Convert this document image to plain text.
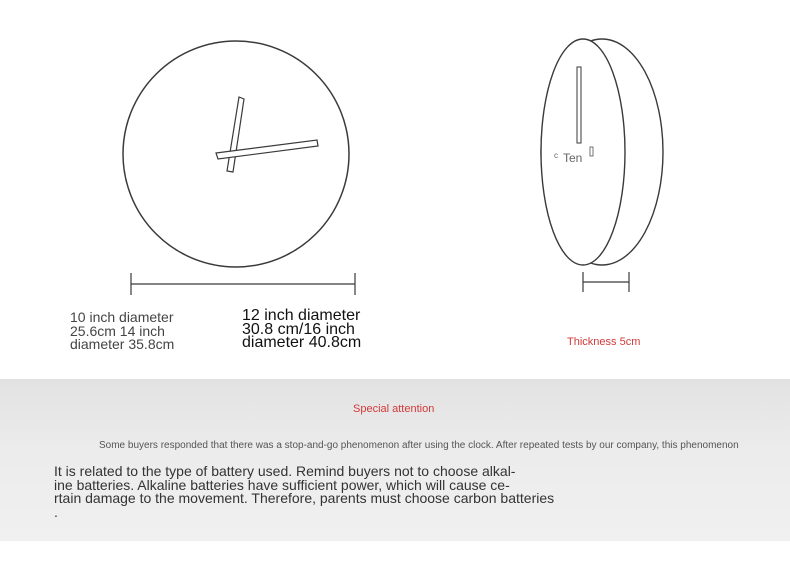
c Ten
10 inch diameter
25.6cm 14 inch
diameter 35.8cm
12 inch diameter
30.8 cm/16 inch
diameter 40.8cm	Thickness 5cm
Special attention
Some buyers responded that there was a stop-and-go phenomenon after using the clock. After repeated tests by our company, this phenomenon
It is related to the type of battery used. Remind buyers not to choose alkal-
ine batteries. Alkaline batteries have sufficient power, which will cause ce-
rtain damage to the movement. Therefore, parents must choose carbon batteries
.
